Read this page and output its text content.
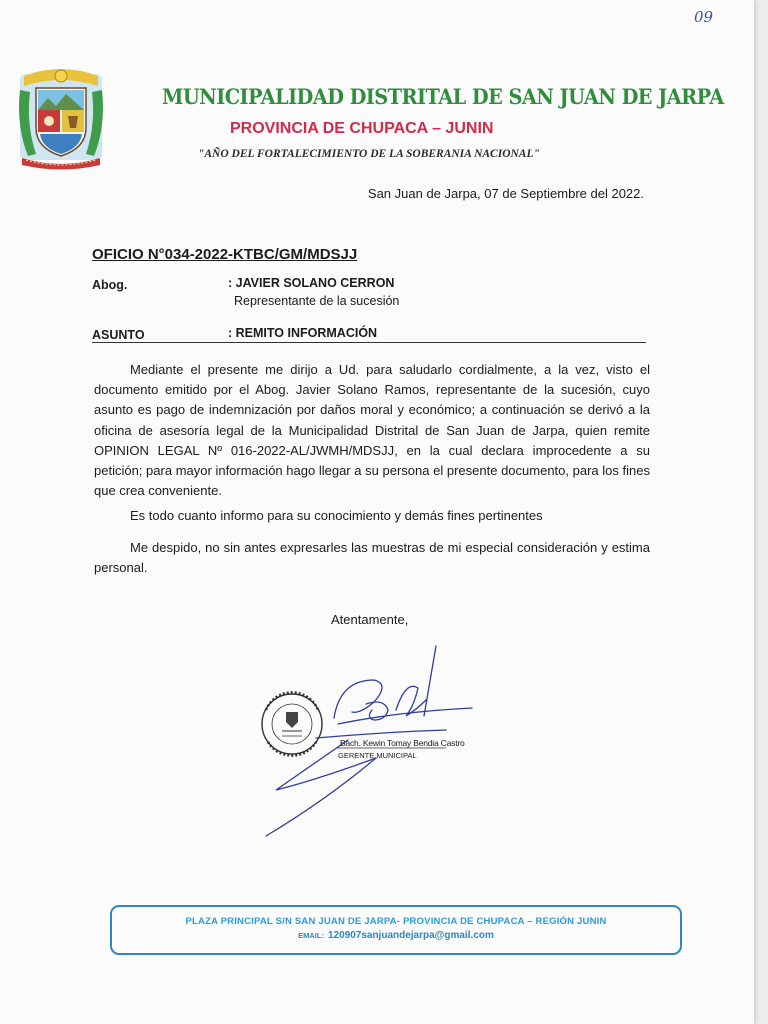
09
MUNICIPALIDAD DISTRITAL DE SAN JUAN DE JARPA
PROVINCIA DE CHUPACA – JUNIN
"AÑO DEL FORTALECIMIENTO DE LA SOBERANIA NACIONAL"
San Juan de Jarpa, 07 de Septiembre del 2022.
OFICIO N°034-2022-KTBC/GM/MDSJJ
Abog.	: JAVIER SOLANO CERRON
Representante de la sucesión
ASUNTO	: REMITO INFORMACIÓN
Mediante el presente me dirijo a Ud. para saludarlo cordialmente, a la vez, visto el documento emitido por el Abog. Javier Solano Ramos, representante de la sucesión, cuyo asunto es pago de indemnización por daños moral y económico; a continuación se derivó a la oficina de asesoría legal de la Municipalidad Distrital de San Juan de Jarpa, quien remite OPINION LEGAL Nº 016-2022-AL/JWMH/MDSJJ, en la cual declara improcedente a su petición; para mayor información hago llegar a su persona el presente documento, para los fines que crea conveniente.
Es todo cuanto informo para su conocimiento y demás fines pertinentes
Me despido, no sin antes expresarles las muestras de mi especial consideración y estima personal.
Atentamente,
Bach. Kewin Tomay Bendia Castro
GERENTE MUNICIPAL
PLAZA PRINCIPAL S/N SAN JUAN DE JARPA- PROVINCIA DE CHUPACA – REGIÓN JUNIN
EMAIL: 120907sanjuandejarpa@gmail.com
